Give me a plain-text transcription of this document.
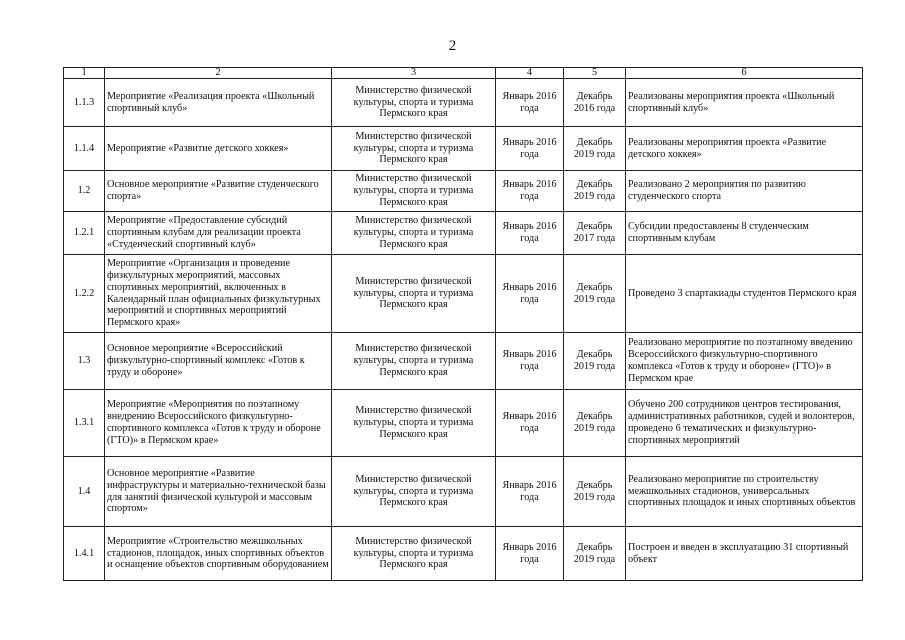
2
1	2	3	4	5	6
1.1.3	Мероприятие «Реализация проекта «Школьный спортивный клуб»	Министерство физической культуры, спорта и туризма Пермского края	Январь 2016 года	Декабрь 2016 года	Реализованы мероприятия проекта «Школьный спортивный клуб»
1.1.4	Мероприятие «Развитие детского хоккея»	Министерство физической культуры, спорта и туризма Пермского края	Январь 2016 года	Декабрь 2019 года	Реализованы мероприятия проекта «Развитие детского хоккея»
1.2	Основное мероприятие «Развитие студенческого спорта»	Министерство физической культуры, спорта и туризма Пермского края	Январь 2016 года	Декабрь 2019 года	Реализовано 2 мероприятия по развитию студенческого спорта
1.2.1	Мероприятие «Предоставление субсидий спортивным клубам для реализации проекта «Студенческий спортивный клуб»	Министерство физической культуры, спорта и туризма Пермского края	Январь 2016 года	Декабрь 2017 года	Субсидии предоставлены 8 студенческим спортивным клубам
1.2.2	Мероприятие «Организация и проведение физкультурных мероприятий, массовых спортивных мероприятий, включенных в Календарный план официальных физкультурных мероприятий и спортивных мероприятий Пермского края»	Министерство физической культуры, спорта и туризма Пермского края	Январь 2016 года	Декабрь 2019 года	Проведено 3 спартакиады студентов Пермского края
1.3	Основное мероприятие «Всероссийский физкультурно-спортивный комплекс «Готов к труду и обороне»	Министерство физической культуры, спорта и туризма Пермского края	Январь 2016 года	Декабрь 2019 года	Реализовано мероприятие по поэтапному введению Всероссийского физкультурно-спортивного комплекса «Готов к труду и обороне» (ГТО)» в Пермском крае
1.3.1	Мероприятие «Мероприятия по поэтапному внедрению Всероссийского физкультурно-спортивного комплекса «Готов к труду и обороне (ГТО)» в Пермском крае»	Министерство физической культуры, спорта и туризма Пермского края	Январь 2016 года	Декабрь 2019 года	Обучено 200 сотрудников центров тестирования, административных работников, судей и волонтеров, проведено 6 тематических и физкультурно-спортивных мероприятий
1.4	Основное мероприятие «Развитие инфраструктуры и материально-технической базы для занятий физической культурой и массовым спортом»	Министерство физической культуры, спорта и туризма Пермского края	Январь 2016 года	Декабрь 2019 года	Реализовано мероприятие по строительству межшкольных стадионов, универсальных спортивных площадок и иных спортивных объектов
1.4.1	Мероприятие «Строительство межшкольных стадионов, площадок, иных спортивных объектов и оснащение объектов спортивным оборудованием	Министерство физической культуры, спорта и туризма Пермского края	Январь 2016 года	Декабрь 2019 года	Построен и введен в эксплуатацию 31 спортивный объект
